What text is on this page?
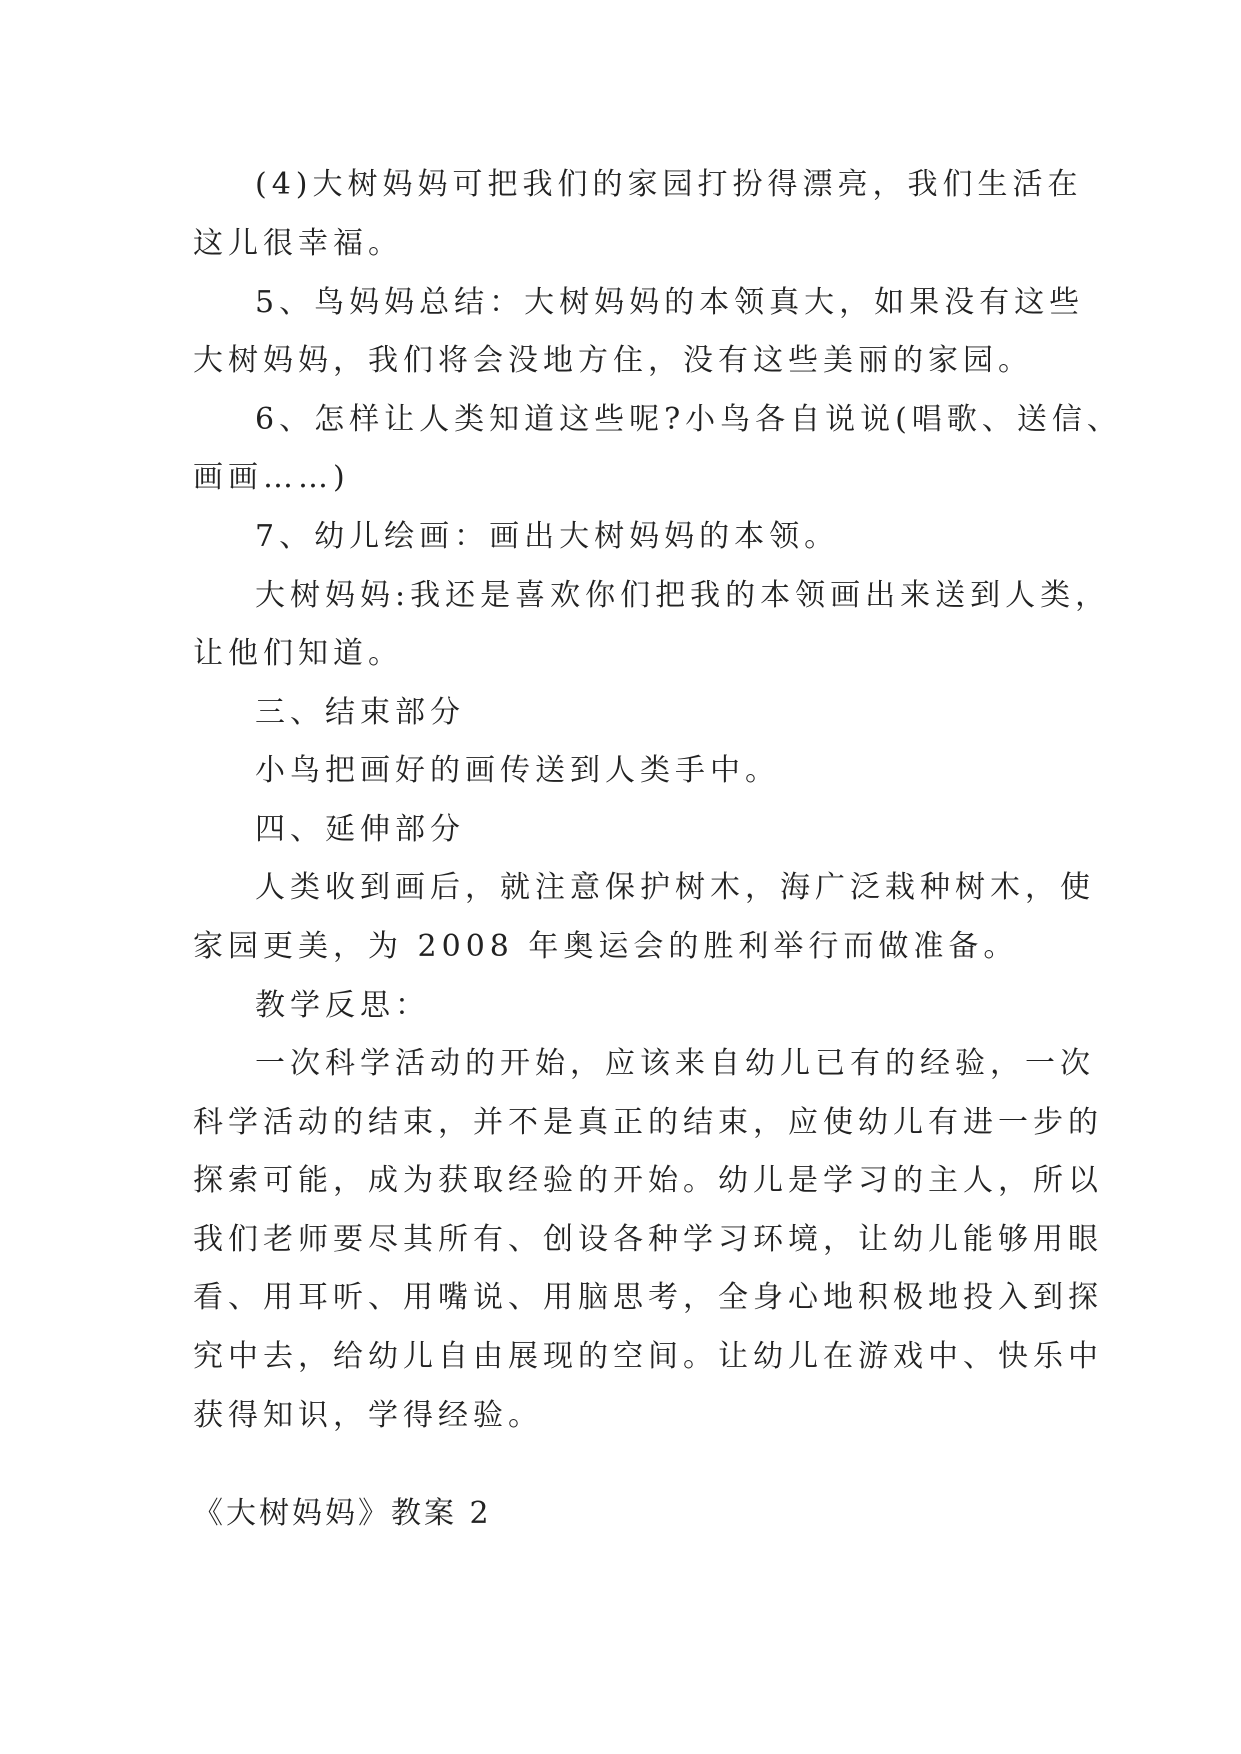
(4)大树妈妈可把我们的家园打扮得漂亮，我们生活在
这儿很幸福。
5、鸟妈妈总结：大树妈妈的本领真大，如果没有这些
大树妈妈，我们将会没地方住，没有这些美丽的家园。
6、怎样让人类知道这些呢?小鸟各自说说(唱歌、送信、
画画……)
7、幼儿绘画：画出大树妈妈的本领。
大树妈妈:我还是喜欢你们把我的本领画出来送到人类，
让他们知道。
三、结束部分
小鸟把画好的画传送到人类手中。
四、延伸部分
人类收到画后，就注意保护树木，海广泛栽种树木，使
家园更美，为 2008 年奥运会的胜利举行而做准备。
教学反思：
一次科学活动的开始，应该来自幼儿已有的经验，一次
科学活动的结束，并不是真正的结束，应使幼儿有进一步的
探索可能，成为获取经验的开始。幼儿是学习的主人，所以
我们老师要尽其所有、创设各种学习环境，让幼儿能够用眼
看、用耳听、用嘴说、用脑思考，全身心地积极地投入到探
究中去，给幼儿自由展现的空间。让幼儿在游戏中、快乐中
获得知识，学得经验。
《大树妈妈》教案 2
